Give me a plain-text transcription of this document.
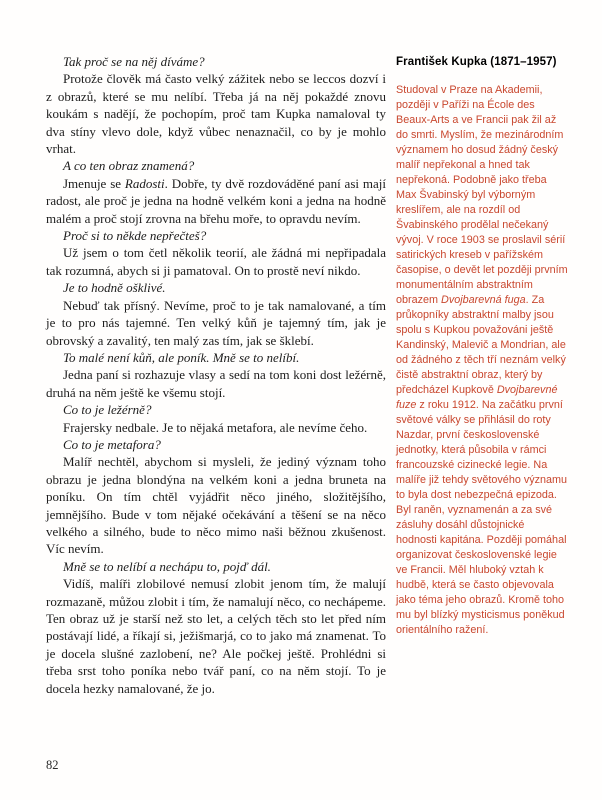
Tak proč se na něj díváme?

Protože člověk má často velký zážitek nebo se leccos dozví i z obrazů, které se mu nelíbí. Třeba já na něj pokaždé znovu koukám s nadějí, že pochopím, proč tam Kupka namaloval ty dva stíny vlevo dole, když vůbec nenaznačil, co by je mohlo vrhat.

A co ten obraz znamená?

Jmenuje se Radosti. Dobře, ty dvě rozdováděné paní asi mají radost, ale proč je jedna na hodně velkém koni a jedna na hodně malém a proč stojí zrovna na břehu moře, to opravdu nevím.

Proč si to někde nepřečteš?

Už jsem o tom četl několik teorií, ale žádná mi nepřipadala tak rozumná, abych si ji pamatoval. On to prostě neví nikdo.

Je to hodně ošklivé.

Nebuď tak přísný. Nevíme, proč to je tak namalované, a tím je to pro nás tajemné. Ten velký kůň je tajemný tím, jak je obrovský a zavalitý, ten malý zas tím, jak se šklebí.

To malé není kůň, ale poník. Mně se to nelíbí.

Jedna paní si rozhazuje vlasy a sedí na tom koni dost ležérně, druhá na něm ještě ke všemu stojí.

Co to je ležérně?

Frajersky nedbale. Je to nějaká metafora, ale nevíme čeho.

Co to je metafora?

Malíř nechtěl, abychom si mysleli, že jediný význam toho obrazu je jedna blondýna na velkém koni a jedna bruneta na poníku. On tím chtěl vyjádřit něco jiného, složitějšího, jemnějšího. Bude v tom nějaké očekávání a těšení se na něco velkého a silného, bude to něco mimo naši běžnou zkušenost. Víc nevím.

Mně se to nelíbí a nechápu to, pojď dál.

Vidíš, malíři zlobilové nemusí zlobit jenom tím, že malují rozmazaně, můžou zlobit i tím, že namalují něco, co nechápeme. Ten obraz už je starší než sto let, a celých těch sto let před ním postávají lidé, a říkají si, ježišmarjá, co to jako má znamenat. To je docela slušné zazlobení, ne? Ale počkej ještě. Prohlédni si třeba srst toho poníka nebo tvář paní, co na něm stojí. To je docela hezky namalované, že jo.

František Kupka (1871–1957)
Studoval v Praze na Akademii, později v Paříži na École des Beaux-Arts a ve Francii pak žil až do smrti. Myslím, že mezinárodním významem ho dosud žádný český malíř nepřekonal a hned tak nepřekoná. Podobně jako třeba Max Švabinský byl výborným kreslířem, ale na rozdíl od Švabinského prodělal nečekaný vývoj. V roce 1903 se proslavil sérií satirických kreseb v pařížském časopise, o devět let později prvním monumentálním abstraktním obrazem Dvojbarevná fuga. Za průkopníky abstraktní malby jsou spolu s Kupkou považováni ještě Kandinský, Malevič a Mondrian, ale od žádného z těch tří neznám velký čistě abstraktní obraz, který by předcházel Kupkově Dvojbarevné fuze z roku 1912. Na začátku první světové války se přihlásil do roty Nazdar, první československé jednotky, která působila v rámci francouzské cizinecké legie. Na malíře již tehdy světového významu to byla dost nebezpečná epizoda. Byl raněn, vyznamenán a za své zásluhy dosáhl důstojnické hodnosti kapitána. Později pomáhal organizovat československé legie ve Francii. Měl hluboký vztah k hudbě, která se často objevovala jako téma jeho obrazů. Kromě toho mu byl blízký mysticismus poněkud orientálního ražení.
82
